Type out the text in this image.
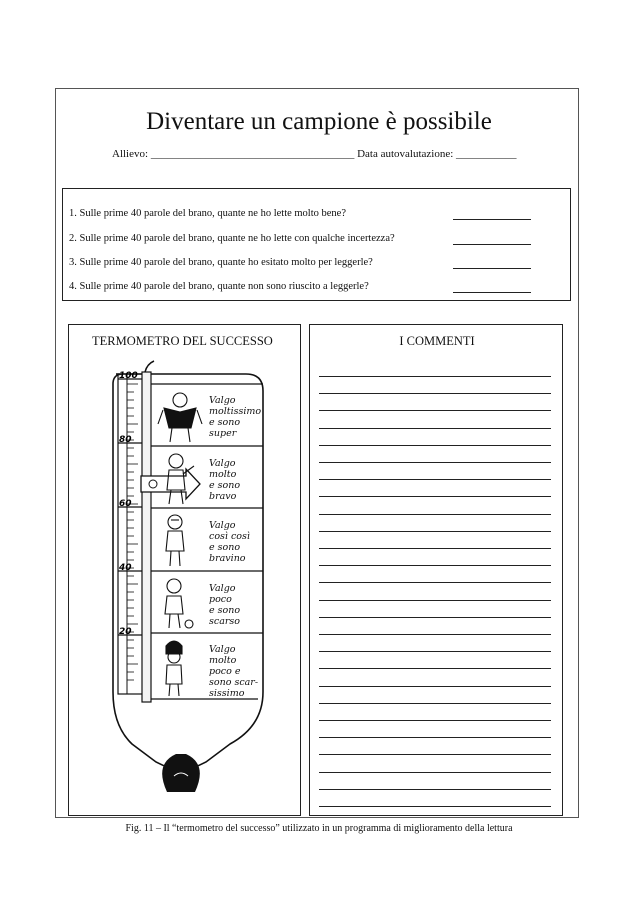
Diventare un campione è possibile
Allievo: _____________________________________ Data autovalutazione: ___________
1. Sulle prime 40 parole del brano, quante ne ho lette molto bene?
2. Sulle prime 40 parole del brano, quante ne ho lette con qualche incertezza?
3. Sulle prime 40 parole del brano, quante ho esitato molto per leggerle?
4. Sulle prime 40 parole del brano, quante non sono riuscito a leggerle?
TERMOMETRO DEL SUCCESSO
100
80
60
40
20
Valgo
moltissimo
e sono
super
Valgo
molto
e sono
bravo
Valgo
così così
e sono
bravino
Valgo
poco
e sono
scarso
Valgo
molto
poco e
sono scar-
sissimo
I COMMENTI
Fig. 11 – Il “termometro del successo” utilizzato in un programma di miglioramento della lettura
